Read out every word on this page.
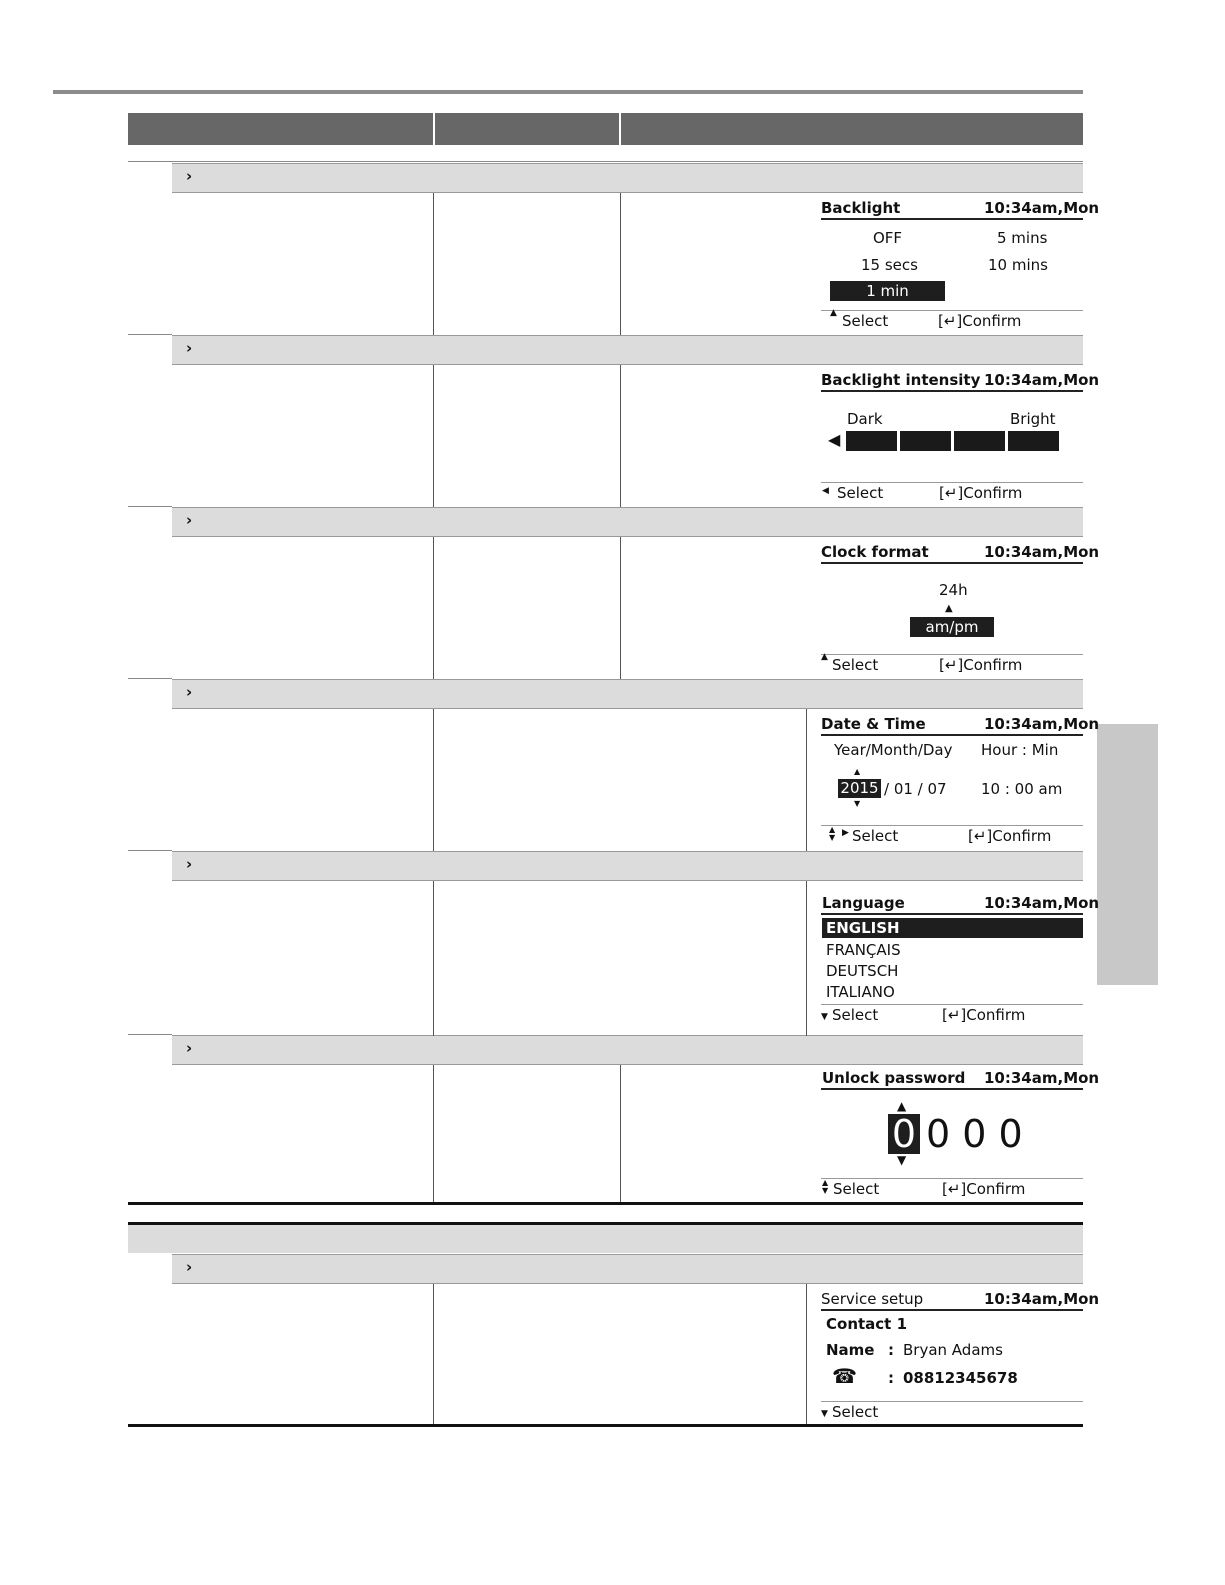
›
›
›
›
›
›
›
Backlight	10:34am,Mon
OFF	5 mins
15 secs	10 mins
1 min
▲ Select	[↵]Confirm
Backlight intensity 10:34am,Mon
Dark	Bright
◀
◀ Select	[↵]Confirm
Clock format	10:34am,Mon
24h
▲
am/pm
▲ Select	[↵]Confirm
Date & Time	10:34am,Mon
Year/Month/Day Hour : Min
▲
2015 / 01 / 07 10 : 00 am
▼
▲
▼ ▶ Select	[↵]Confirm
Language	10:34am,Mon
ENGLISH
FRANÇAIS
DEUTSCH
ITALIANO
▼ Select	[↵]Confirm
Unlock password 10:34am,Mon
▲
0 0 0 0
▼
▲
▼ Select	[↵]Confirm
Service setup	10:34am,Mon
Contact 1
Name : Bryan Adams
☎ : 08812345678
▼ Select
